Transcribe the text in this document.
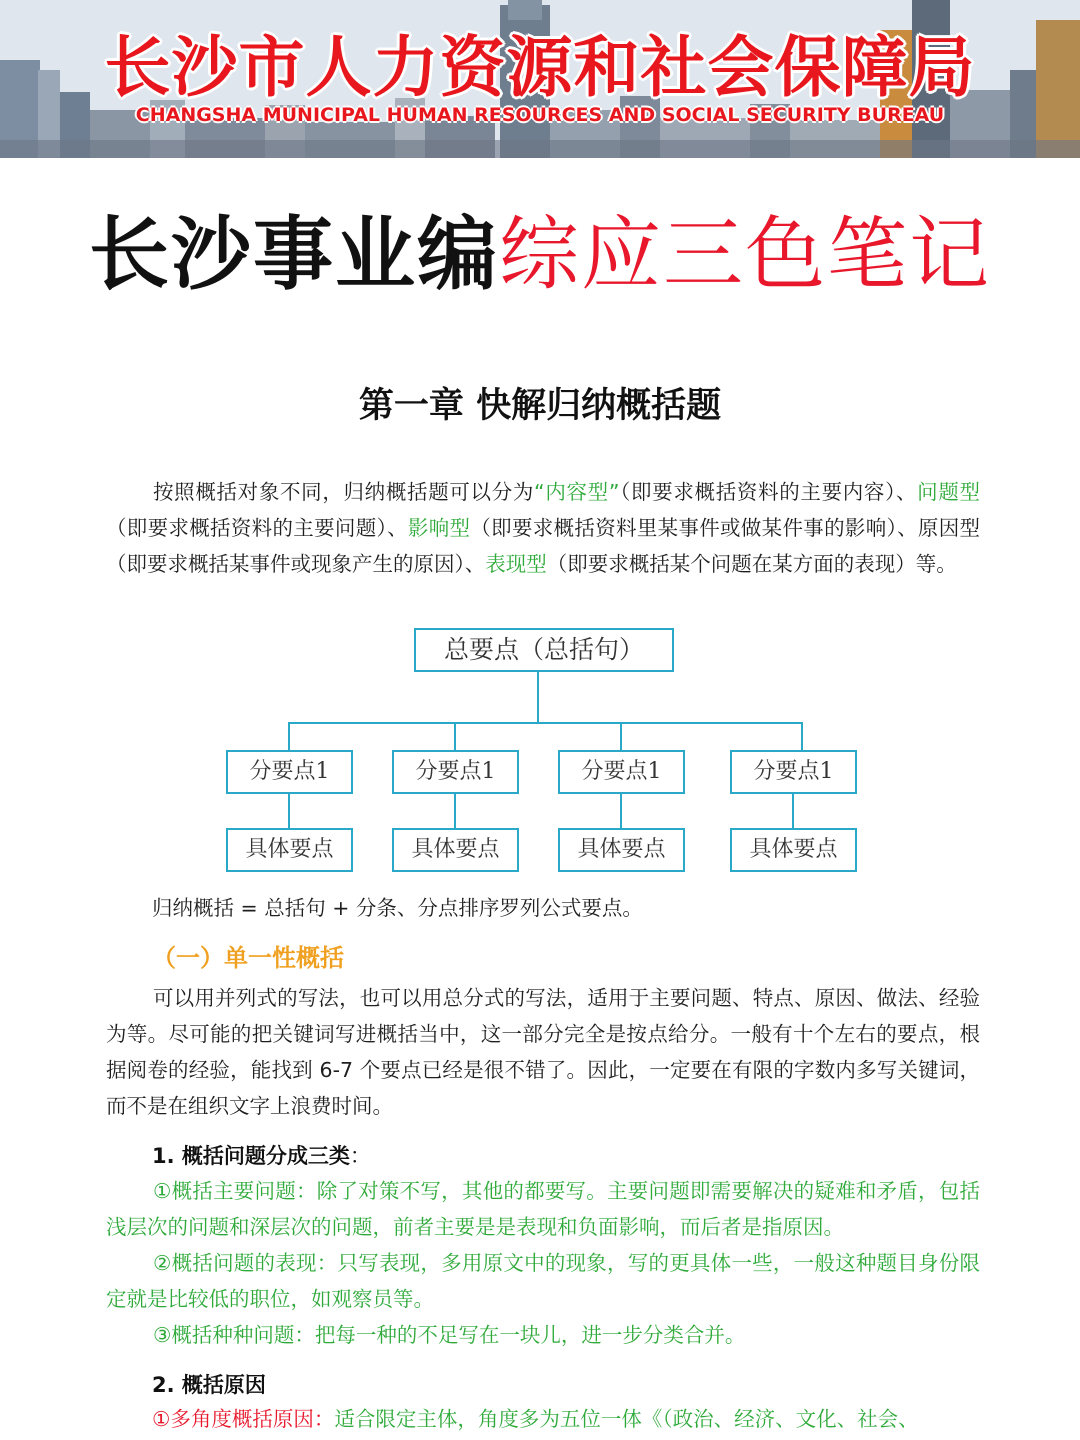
长沙市人力资源和社会保障局
CHANGSHA MUNICIPAL HUMAN RESOURCES AND SOCIAL SECURITY BUREAU
长沙事业编综应三色笔记
第一章 快解归纳概括题

按照概括对象不同，归纳概括题可以分为“内容型”（即要求概括资料的主要内容）、问题型（即要求概括资料的主要问题）、影响型（即要求概括资料里某事件或做某件事的影响）、原因型（即要求概括某事件或现象产生的原因）、表现型（即要求概括某个问题在某方面的表现）等。

总要点（总括句）
分要点1	分要点1	分要点1	分要点1
具体要点	具体要点	具体要点	具体要点
归纳概括 = 总括句 + 分条、分点排序罗列公式要点。
（一）单一性概括

可以用并列式的写法，也可以用总分式的写法，适用于主要问题、特点、原因、做法、经验为等。尽可能的把关键词写进概括当中，这一部分完全是按点给分。一般有十个左右的要点，根据阅卷的经验，能找到 6-7 个要点已经是很不错了。因此，一定要在有限的字数内多写关键词，而不是在组织文字上浪费时间。

1. 概括问题分成三类：

①概括主要问题：除了对策不写，其他的都要写。主要问题即需要解决的疑难和矛盾，包括浅层次的问题和深层次的问题，前者主要是是表现和负面影响，而后者是指原因。

②概括问题的表现：只写表现，多用原文中的现象，写的更具体一些，一般这种题目身份限定就是比较低的职位，如观察员等。

③概括种种问题：把每一种的不足写在一块儿，进一步分类合并。

2. 概括原因
①多角度概括原因：适合限定主体，角度多为五位一体《（政治、经济、文化、社会、
